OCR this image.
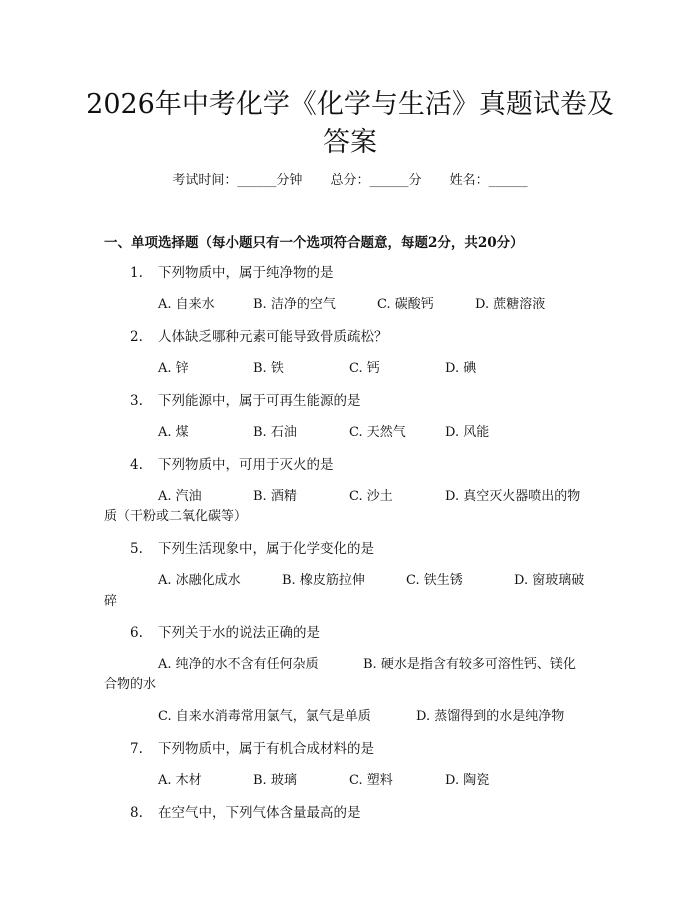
2026年中考化学《化学与生活》真题试卷及
答案
考试时间：______分钟 总分：______分 姓名：______
一、单项选择题（每小题只有一个选项符合题意，每题2分，共20分）
1. 下列物质中，属于纯净物的是
A. 自来水	B. 洁净的空气	C. 碳酸钙	D. 蔗糖溶液
2. 人体缺乏哪种元素可能导致骨质疏松？
A. 锌	B. 铁	C. 钙	D. 碘
3. 下列能源中，属于可再生能源的是
A. 煤	B. 石油	C. 天然气	D. 风能
4. 下列物质中，可用于灭火的是
A. 汽油	B. 酒精	C. 沙土	D. 真空灭火器喷出的物
质（干粉或二氧化碳等）
5. 下列生活现象中，属于化学变化的是
A. 冰融化成水	B. 橡皮筋拉伸	C. 铁生锈	D. 窗玻璃破
碎
6. 下列关于水的说法正确的是
A. 纯净的水不含有任何杂质	B. 硬水是指含有较多可溶性钙、镁化
合物的水
C. 自来水消毒常用氯气，氯气是单质	D. 蒸馏得到的水是纯净物
7. 下列物质中，属于有机合成材料的是
A. 木材	B. 玻璃	C. 塑料	D. 陶瓷
8. 在空气中，下列气体含量最高的是
